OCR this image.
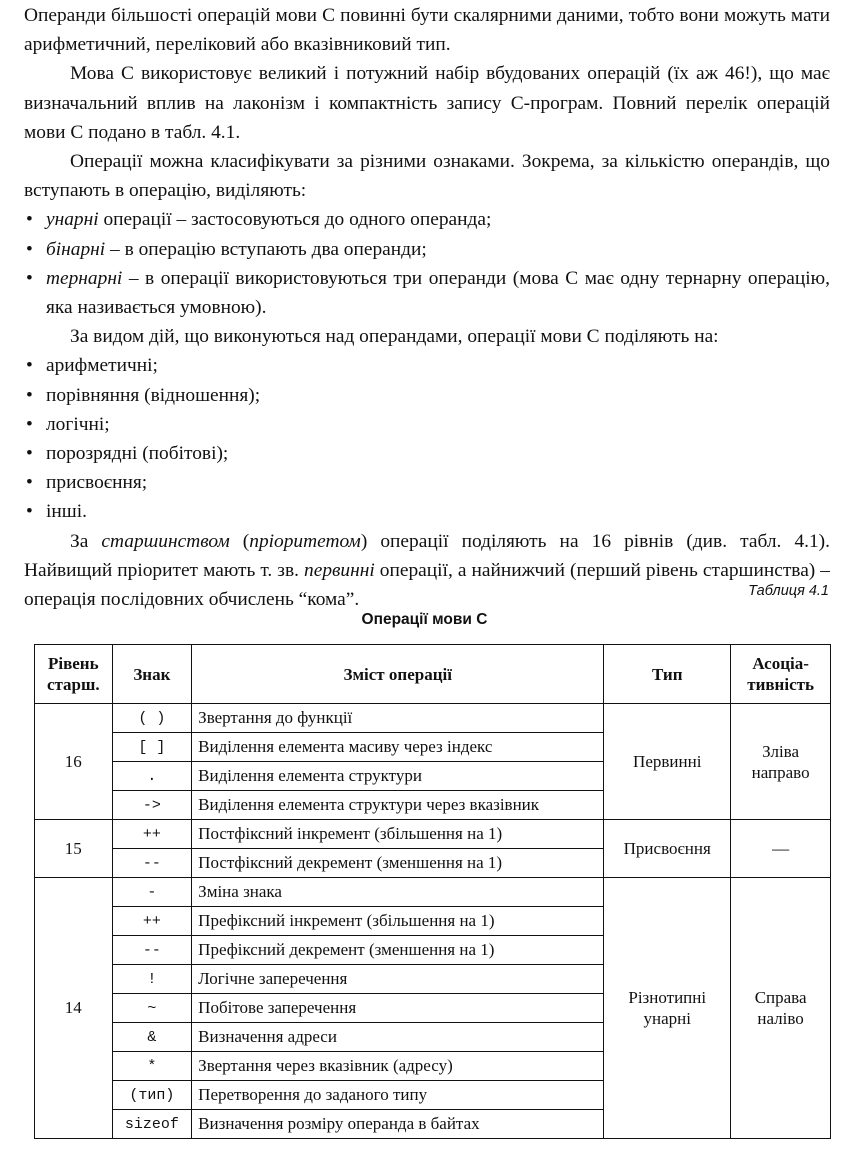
Операнди більшості операцій мови С повинні бути скалярними даними, тобто вони можуть мати арифметичний, переліковий або вказівниковий тип.

Мова С використовує великий і потужний набір вбудованих операцій (їх аж 46!), що має визначальний вплив на лаконізм і компактність запису С-програм. Повний перелік операцій мови С подано в табл. 4.1.

Операції можна класифікувати за різними ознаками. Зокрема, за кількістю операндів, що вступають в операцію, виділяють:

• унарні операції – застосовуються до одного операнда;
• бінарні – в операцію вступають два операнди;
• тернарні – в операції використовуються три операнди (мова С має одну тернарну операцію, яка називається умовною).

За видом дій, що виконуються над операндами, операції мови С поділяють на:

• арифметичні;
• порівняння (відношення);
• логічні;
• порозрядні (побітові);
• присвоєння;
• інші.

За старшинством (пріоритетом) операції поділяють на 16 рівнів (див. табл. 4.1). Найвищий пріоритет мають т. зв. первинні операції, а найнижчий (перший рівень старшинства) – операція послідовних обчислень “кома”.	Таблиця 4.1
Операції мови С
Рівень старш.	Знак	Зміст операції	Тип	Асоціа-тивність
16	( )	Звертання до функції	Первинні	Зліва направо
	[ ]	Виділення елемента масиву через індекс		
	.	Виділення елемента структури		
	->	Виділення елемента структури через вказівник		
15	++	Постфіксний інкремент (збільшення на 1)	Присвоєння	—
	--	Постфіксний декремент (зменшення на 1)		
14	-	Зміна знака	Різнотипні унарні	Справа наліво
	++	Префіксний інкремент (збільшення на 1)		
	--	Префіксний декремент (зменшення на 1)		
	!	Логічне заперечення		
	~	Побітове заперечення		
	&	Визначення адреси		
	*	Звертання через вказівник (адресу)		
	(тип)	Перетворення до заданого типу		
	sizeof	Визначення розміру операнда в байтах		
